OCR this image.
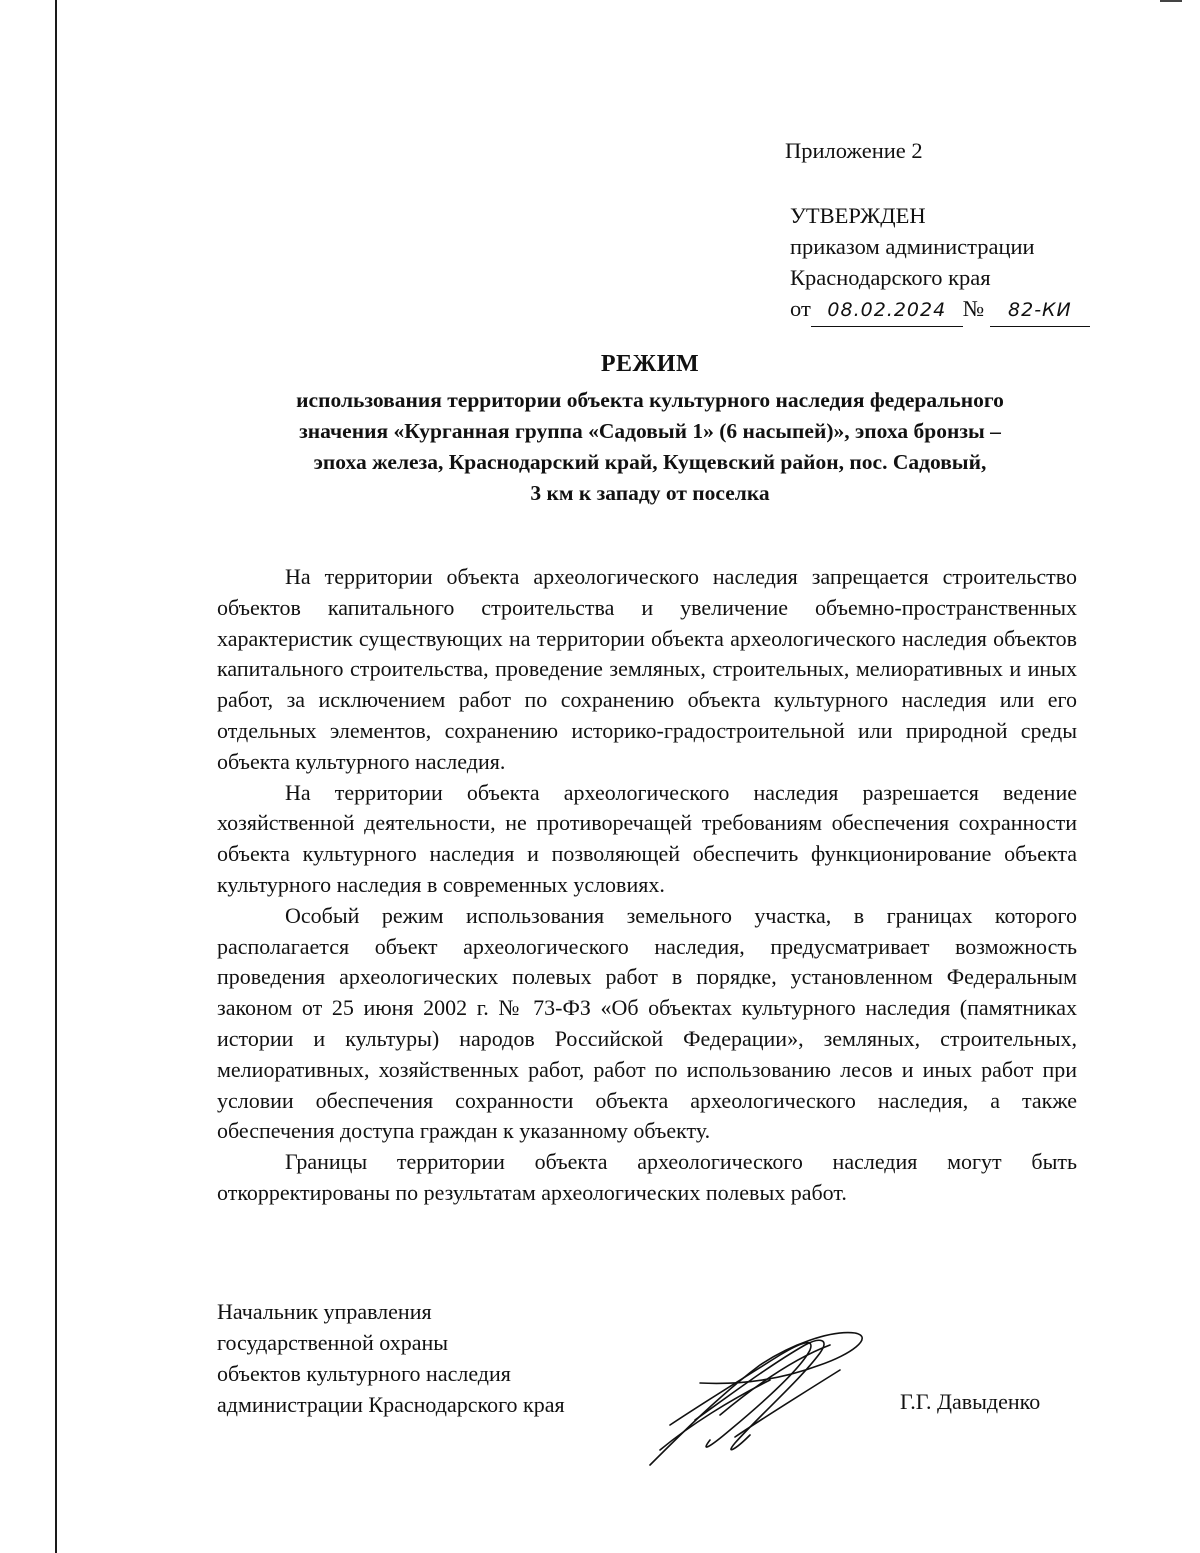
Приложение 2
УТВЕРЖДЕН
приказом администрации
Краснодарского края
от 08.02.2024 № 82-КИ
РЕЖИМ
использования территории объекта культурного наследия федерального
значения «Курганная группа «Садовый 1» (6 насыпей)», эпоха бронзы –
эпоха железа, Краснодарский край, Кущевский район, пос. Садовый,
3 км к западу от поселка

На территории объекта археологического наследия запрещается строительство объектов капитального строительства и увеличение объемно-пространственных характеристик существующих на территории объекта археологического наследия объектов капитального строительства, проведение земляных, строительных, мелиоративных и иных работ, за исключением работ по сохранению объекта культурного наследия или его отдельных элементов, сохранению историко-градостроительной или природной среды объекта культурного наследия.

На территории объекта археологического наследия разрешается ведение хозяйственной деятельности, не противоречащей требованиям обеспечения сохранности объекта культурного наследия и позволяющей обеспечить функционирование объекта культурного наследия в современных условиях.

Особый режим использования земельного участка, в границах которого располагается объект археологического наследия, предусматривает возможность проведения археологических полевых работ в порядке, установленном Федеральным законом от 25 июня 2002 г. № 73-ФЗ «Об объектах культурного наследия (памятниках истории и культуры) народов Российской Федерации», земляных, строительных, мелиоративных, хозяйственных работ, работ по использованию лесов и иных работ при условии обеспечения сохранности объекта археологического наследия, а также обеспечения доступа граждан к указанному объекту.

Границы территории объекта археологического наследия могут быть откорректированы по результатам археологических полевых работ.

Начальник управления
государственной охраны
объектов культурного наследия
администрации Краснодарского края	Г.Г. Давыденко
